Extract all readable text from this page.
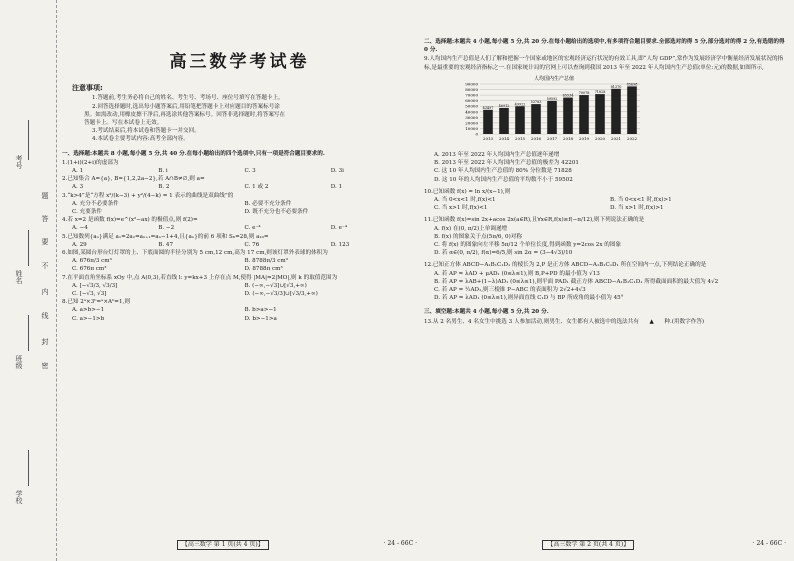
考号
姓名
班级
学校
题
答
要
不
内
线
封
密
高三数学考试卷
注意事项:

1.答题前,考生务必将自己的姓名、考生号、考场号、座位号填写在答题卡上。

2.回答选择题时,选出每小题答案后,用铅笔把答题卡上对应题目的答案标号涂

黑。如需改动,用橡皮擦干净后,再选涂其他答案标号。回答非选择题时,将答案写在

答题卡上。写在本试卷上无效。

3.考试结束后,将本试卷和答题卡一并交回。

4.本试卷主要考试内容:高考全部内容。

一、选择题:本题共 8 小题,每小题 5 分,共 40 分.在每小题给出的四个选项中,只有一项是符合题目要求的.

1.(1+i)(2+i)的虚部为

A. 1	B. i	C. 3	D. 3i

2.已知集合 A={a}, B={1,2,2a−2},若 A∩B≠∅,则 a=

A. 3	B. 2	C. 1 或 2	D. 1

3.“k>4”是“方程 x²/(k−3) + y²/(4−k) = 1 表示的曲线是双曲线”的

A. 充分不必要条件	B. 必要不充分条件
C. 充要条件	D. 既不充分也不必要条件

4.若 x=2 是函数 f(x)=e^(x²−ax) 的极值点,则 f(2)=

A. −4	B. −2	C. e⁻⁴	D. e⁻⁴

5.已知数列{aₙ}满足 a₁=2a₂=aₙ₊₁=aₙ−1+4,且{aₙ}的前 6 项和 S₆=28,则 a₁₀=

A. 29	B. 47	C. 76	D. 123

6.如图,某圆台形台灯灯罩的上、下底面圆的半径分别为 5 cm,12 cm,高为 17 cm,则该灯罩外表球的体积为

A. 676π/3 cm³	B. 8788π/3 cm³
C. 676π cm³	D. 8788π cm³

7.在平面直角坐标系 xOy 中,点 A(0,3),若直线 l: y=kx+3 上存在点 M,使得 |MA|=2|MO|,则 k 的取值范围为

A. [−√3/3, √3/3]	B. (−∞,−√3]∪[√3,+∞)
C. [−√3, √3]	D. (−∞,−√3/3]∪[√3/3,+∞)

8.已知 2ᵃ×3ᵇ=ᵃ×Aᵇ=1,则

A. a>b>−1	B. b>a>−1
C. a>−1>b	D. b>−1>a
【高三数学 第 1 页(共 4 页)】	· 24 - 66C ·
二、选择题:本题共 4 小题,每小题 5 分,共 20 分.在每小题给出的选项中,有多项符合题目要求.全部选对的得 5 分,部分选对的得 2 分,有选错的得 0 分.

9.人均国内生产总值是人们了解和把握一个国家或地区的宏观经济运行状况的有效工具,即“人均 GDP”,常作为发展经济学中衡量经济发展状况的指标,是最重要的宏观经济指标之一.在国家统计局的官网上可以查询到我国 2013 年至 2022 年人均国内生产总值(单位:元)的数据,如图所示,

人均国内生产总值
0
10000
20000
30000
40000
50000
60000
70000
80000
90000
43497
2013
46912
2014
49922
2015
53783
2016
59592
2017
65534
2018
70078
2019
71828
2020
81370
2021
85698
2022

A. 2013 年至 2022 年人均国内生产总值逐年递增

B. 2013 年至 2022 年人均国内生产总值的极差为 42201

C. 这 10 年人均国内生产总值的 80% 分位数是 71828

D. 这 10 年的人均国内生产总值的平均数不小于 59502

10.已知函数 f(x) = ln x/(x−1),则

A. 当 0<x<1 时,f(x)<1	B. 当 0<x<1 时,f(x)>1
C. 当 x>1 时,f(x)<1	D. 当 x>1 时,f(x)>1

11.已知函数 f(x)=sin 2x+acos 2x(a∈R),且∀x∈R,f(x)≥f(−π/12),则下列说法正确的是

A. f(x) 在(0, π/2)上单调递增
B. f(x) 的图象关于点(5π/6, 0)对称
C. 将 f(x) 的图象向左平移 5π/12 个单位长度,得到函数 y=2cos 2x 的图象
D. 若 α∈(0, π/2), f(α)=6/5,则 sin 2α = (3−4√3)/10

12.已知正方体 ABCD−A₁B₁C₁D₁ 的棱长为 2,P 是正方体 ABCD−A₁B₁C₁D₁ 所在空间内一点,下列结论正确的是

A. 若 AP = λAD + μAD₁ (0≤λ≤1),则 B,P+PD 的最小值为 √13
B. 若 AP = λAB+(1−λ)AD₁ (0≤λ≤1),则平面 PAD₁ 截正方体 ABCD−A₁B₁C₁D₁ 所得截面面积的最大值为 4√2
C. 若 AP = ½AD₁,则三棱锥 P−ABC 的表面积为 2√2+4√3
D. 若 AP = λAD₁ (0≤λ≤1),则异面直线 C₁D 与 BP 所成角的最小值为 45°
三、填空题:本题共 4 小题,每小题 5 分,共 20 分.

13.从 2 名男生、4 名女生中挑选 3 人参加活动,则男生、女生都有人被选中的选法共有 ▲ 种.(用数字作答)

【高三数学 第 2 页(共 4 页)】	· 24 - 66C ·
